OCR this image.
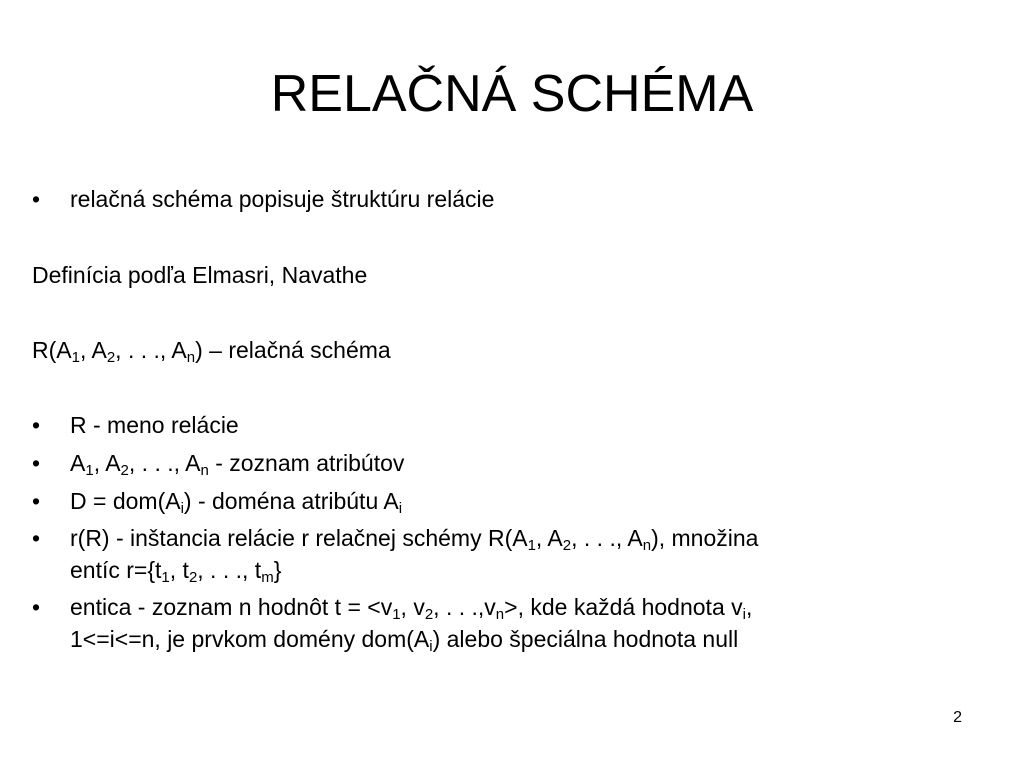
RELAČNÁ SCHÉMA
• relačná schéma popisuje štruktúru relácie
Definícia podľa Elmasri, Navathe
$R(A_1$, $A_2$, . . ., $A_n$) – relačná schéma
• R - meno relácie
• $A_1$, $A_2$, . . ., $A_n$ - zoznam atribútov
• $D = dom(A_i)$ - doména atribútu $A_i$
• r(R) - inštancia relácie r relačnej schémy $R(A_1$, $A_2$, . . ., $A_n$), množina
entíc $r=\{t_1$, $t_2$, . . ., $t_m$}
• entica - zoznam n hodnôt $t = <v_1$, $v_2$, . . $.,v_n>$, kde každá hodnota $v_i$,
1<=i<=n, je prvkom domény $dom(A_i)$ alebo špeciálna hodnota null
2
